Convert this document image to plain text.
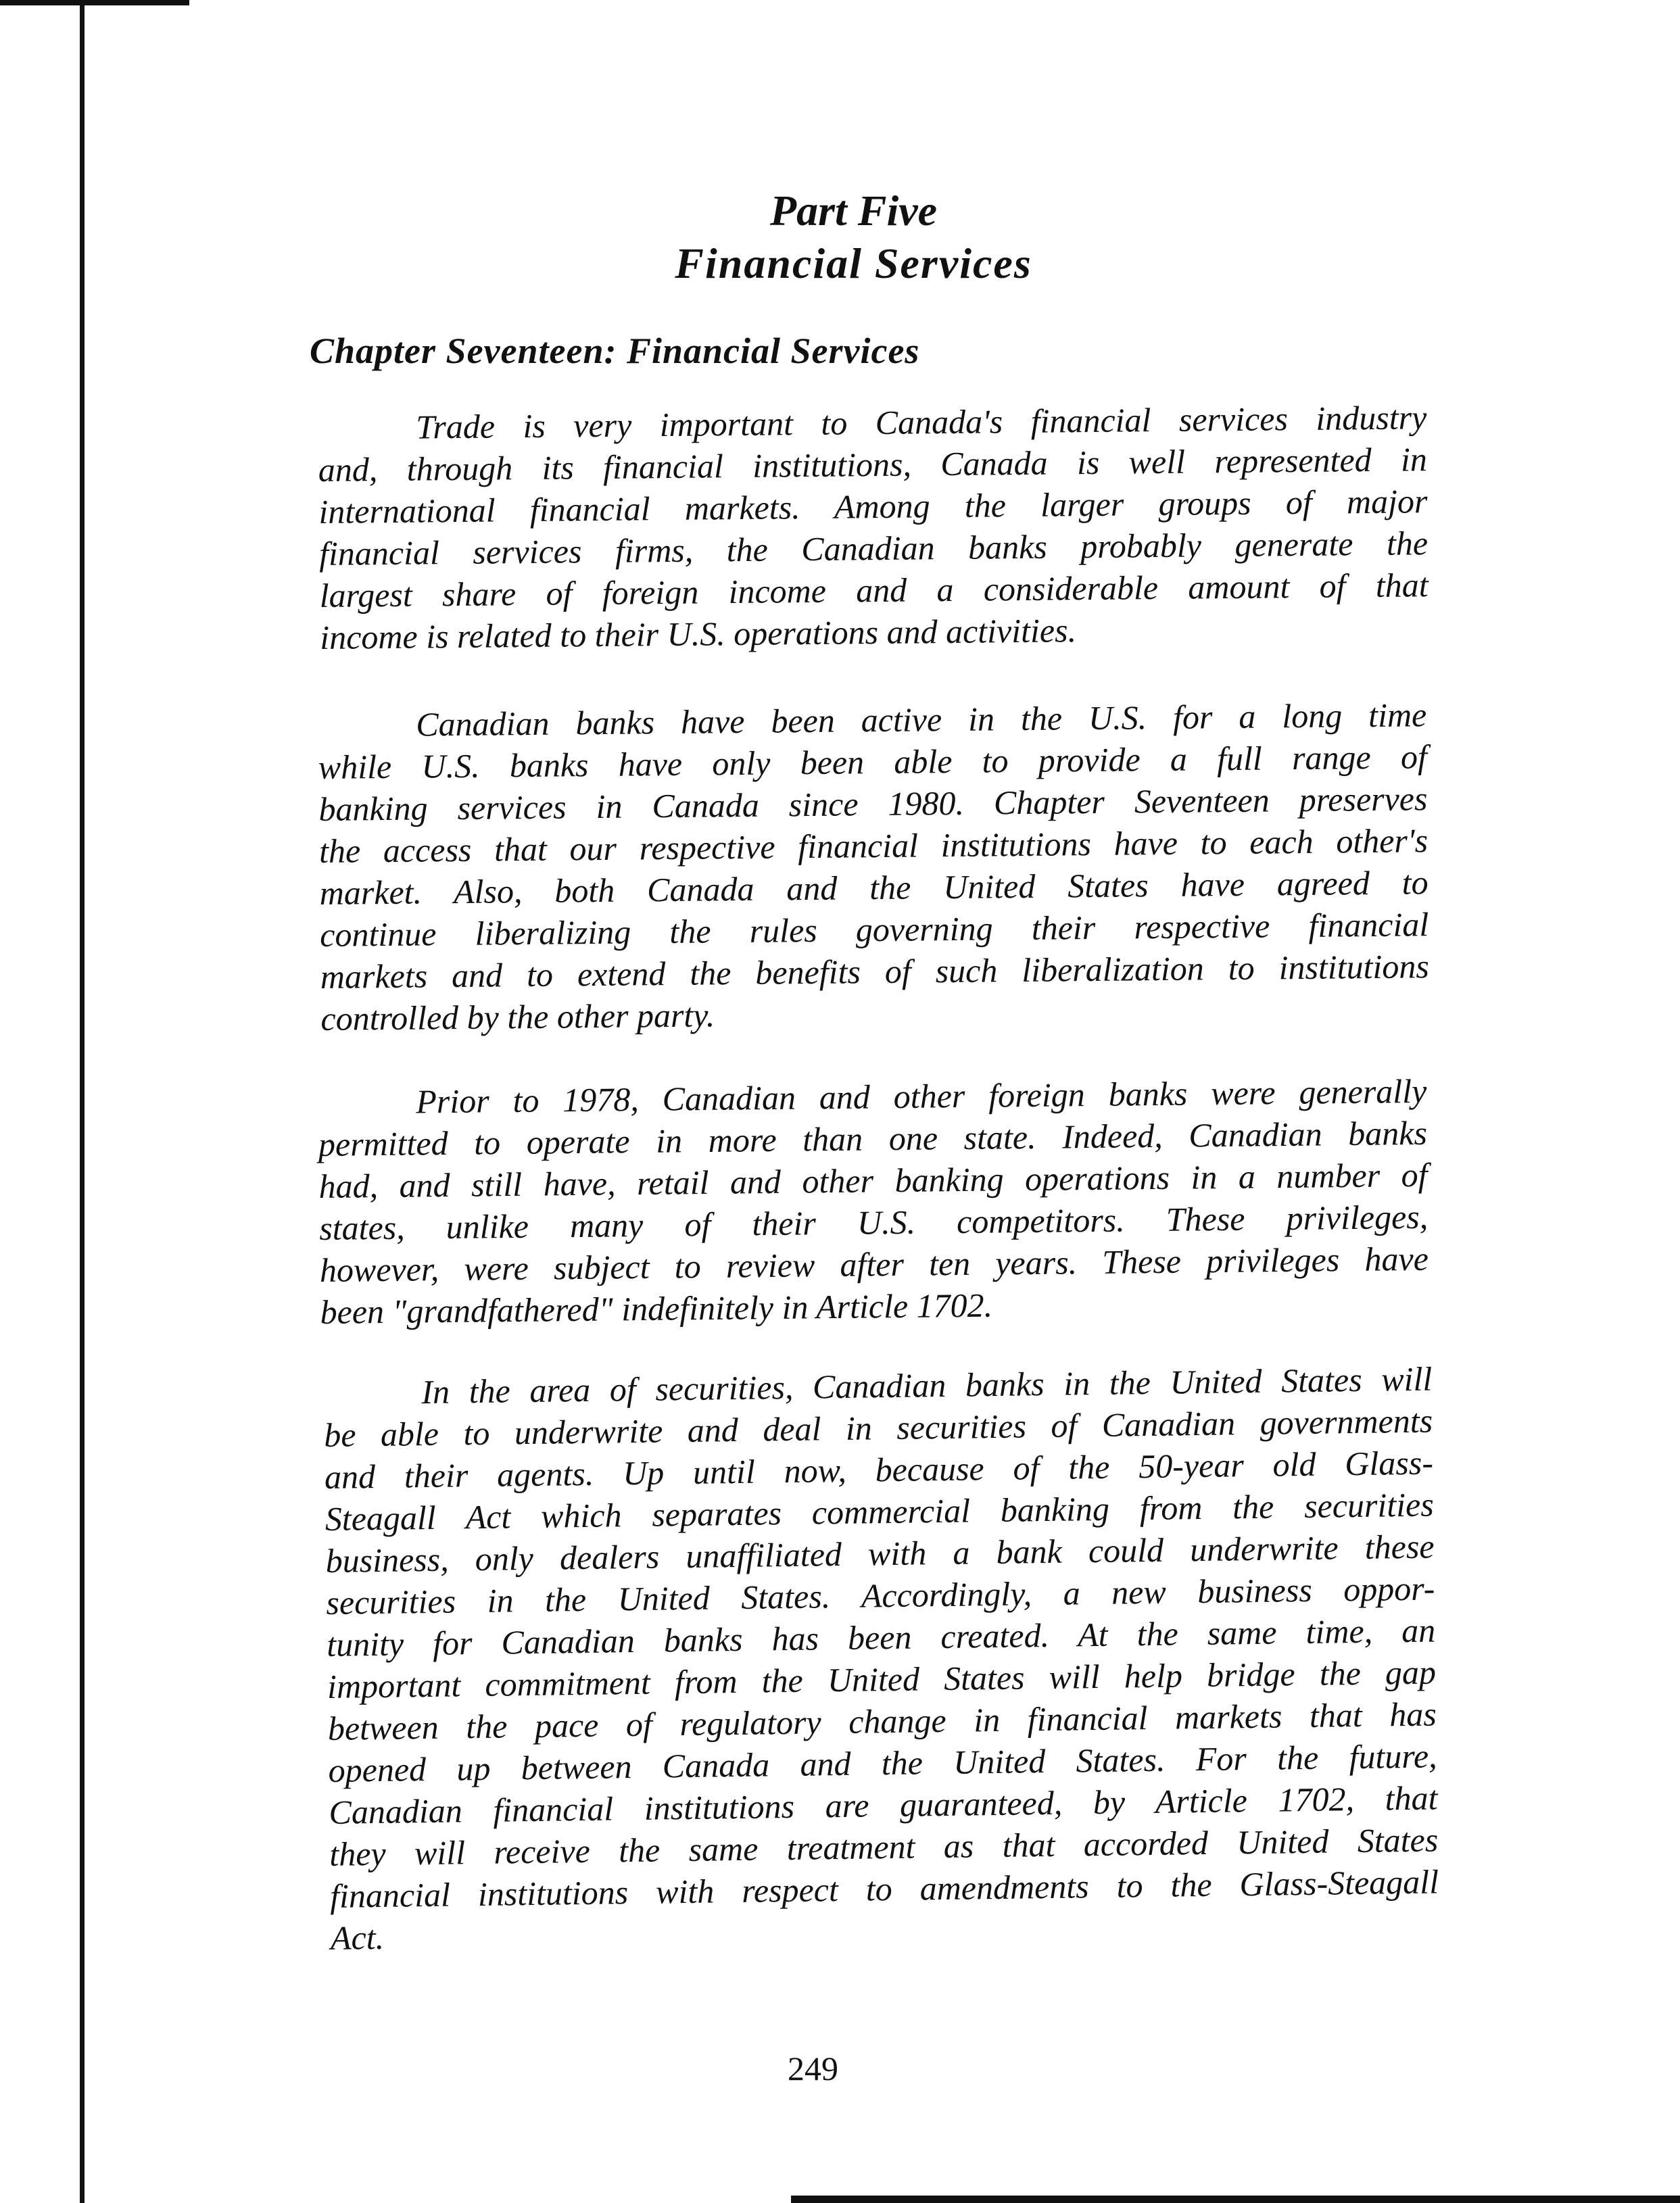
Part Five
Financial Services
Chapter Seventeen: Financial Services
Trade is very important to Canada's financial services industry
and, through its financial institutions, Canada is well represented in
international financial markets. Among the larger groups of major
financial services firms, the Canadian banks probably generate the
largest share of foreign income and a considerable amount of that
income is related to their U.S. operations and activities.
Canadian banks have been active in the U.S. for a long time
while U.S. banks have only been able to provide a full range of
banking services in Canada since 1980. Chapter Seventeen preserves
the access that our respective financial institutions have to each other's
market. Also, both Canada and the United States have agreed to
continue liberalizing the rules governing their respective financial
markets and to extend the benefits of such liberalization to institutions
controlled by the other party.
Prior to 1978, Canadian and other foreign banks were generally
permitted to operate in more than one state. Indeed, Canadian banks
had, and still have, retail and other banking operations in a number of
states, unlike many of their U.S. competitors. These privileges,
however, were subject to review after ten years. These privileges have
been "grandfathered" indefinitely in Article 1702.
In the area of securities, Canadian banks in the United States will
be able to underwrite and deal in securities of Canadian governments
and their agents. Up until now, because of the 50-year old Glass-
Steagall Act which separates commercial banking from the securities
business, only dealers unaffiliated with a bank could underwrite these
securities in the United States. Accordingly, a new business oppor-
tunity for Canadian banks has been created. At the same time, an
important commitment from the United States will help bridge the gap
between the pace of regulatory change in financial markets that has
opened up between Canada and the United States. For the future,
Canadian financial institutions are guaranteed, by Article 1702, that
they will receive the same treatment as that accorded United States
financial institutions with respect to amendments to the Glass-Steagall
Act.

249
